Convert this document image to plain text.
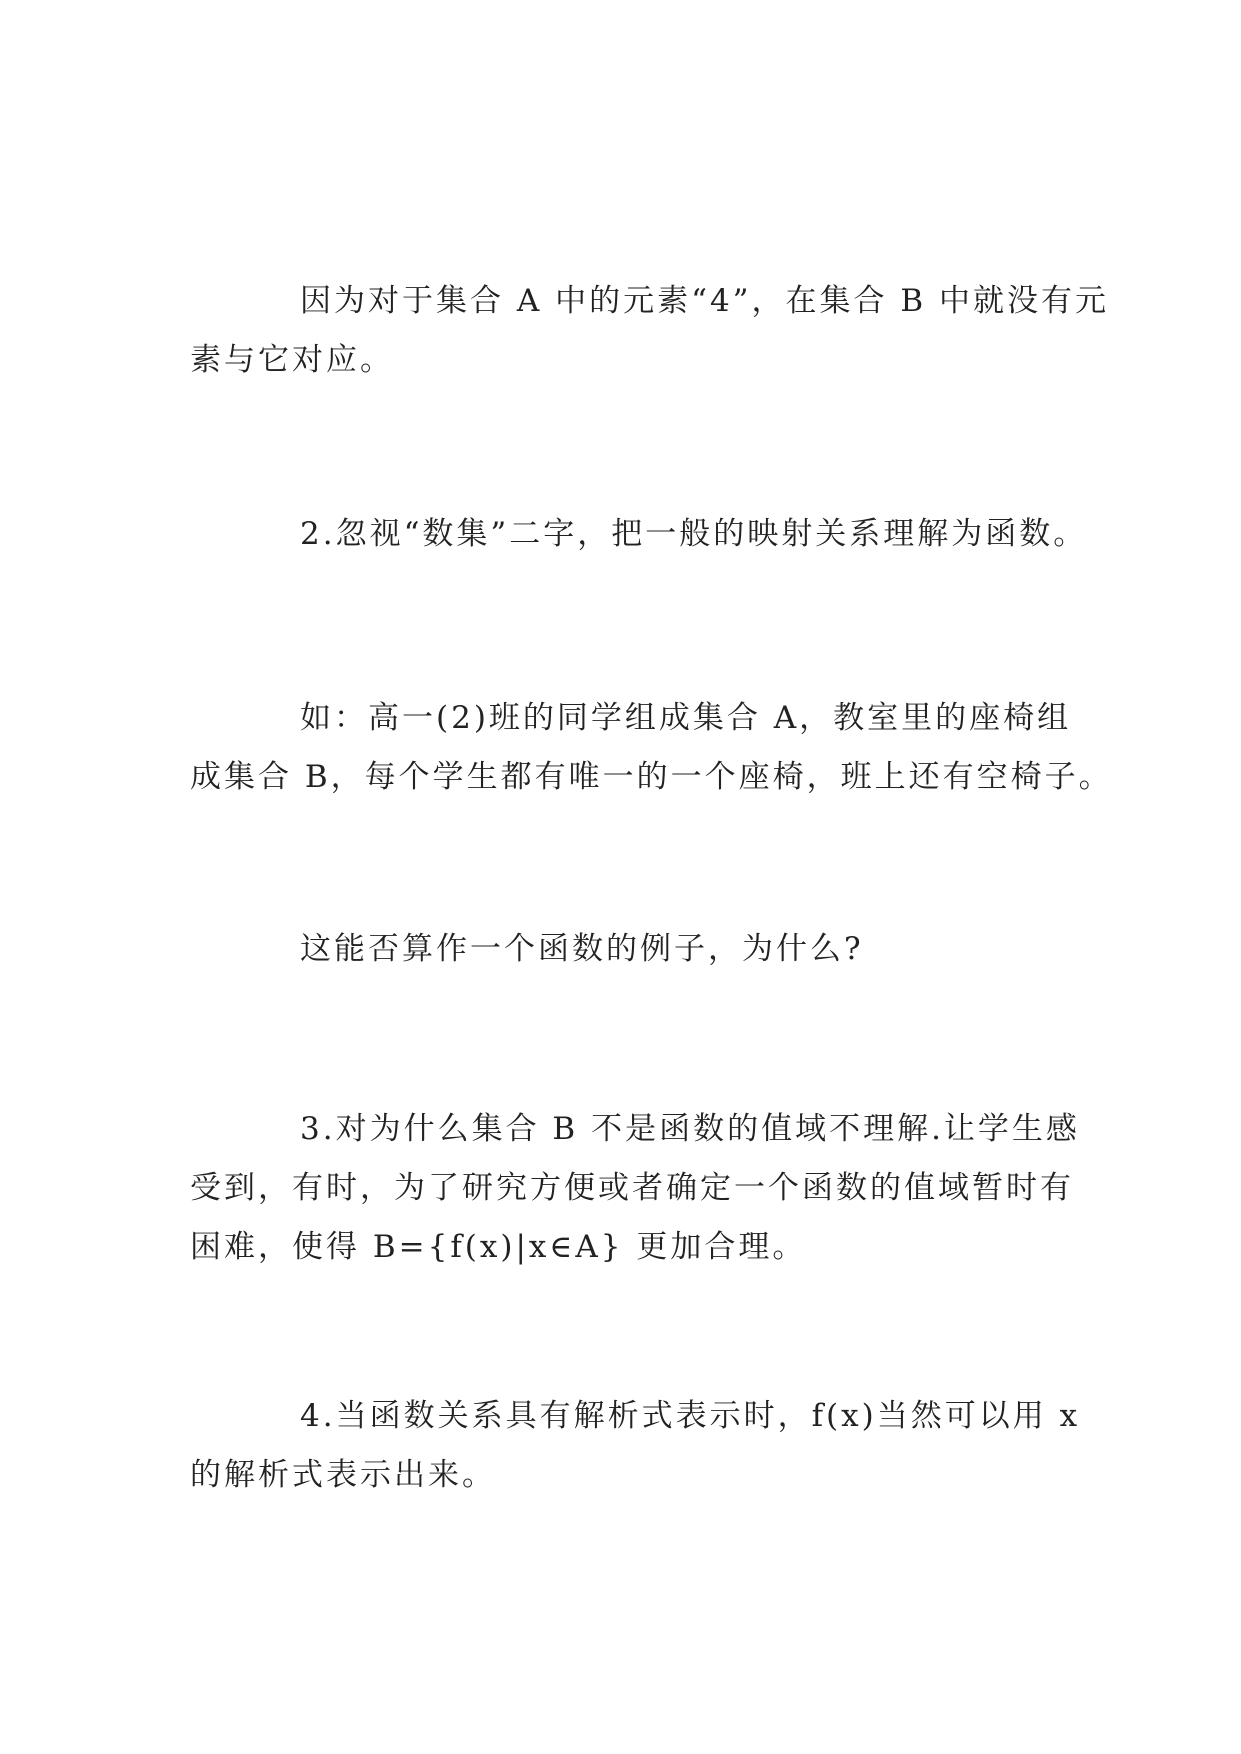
因为对于集合 A 中的元素“4”，在集合 B 中就没有元
素与它对应。
2.忽视“数集”二字，把一般的映射关系理解为函数。
如：高一(2)班的同学组成集合 A，教室里的座椅组
成集合 B，每个学生都有唯一的一个座椅，班上还有空椅子。
这能否算作一个函数的例子，为什么?
3.对为什么集合 B 不是函数的值域不理解.让学生感
受到，有时，为了研究方便或者确定一个函数的值域暂时有
困难，使得 B={f(x)|x∈A} 更加合理。
4.当函数关系具有解析式表示时，f(x)当然可以用 x
的解析式表示出来。
